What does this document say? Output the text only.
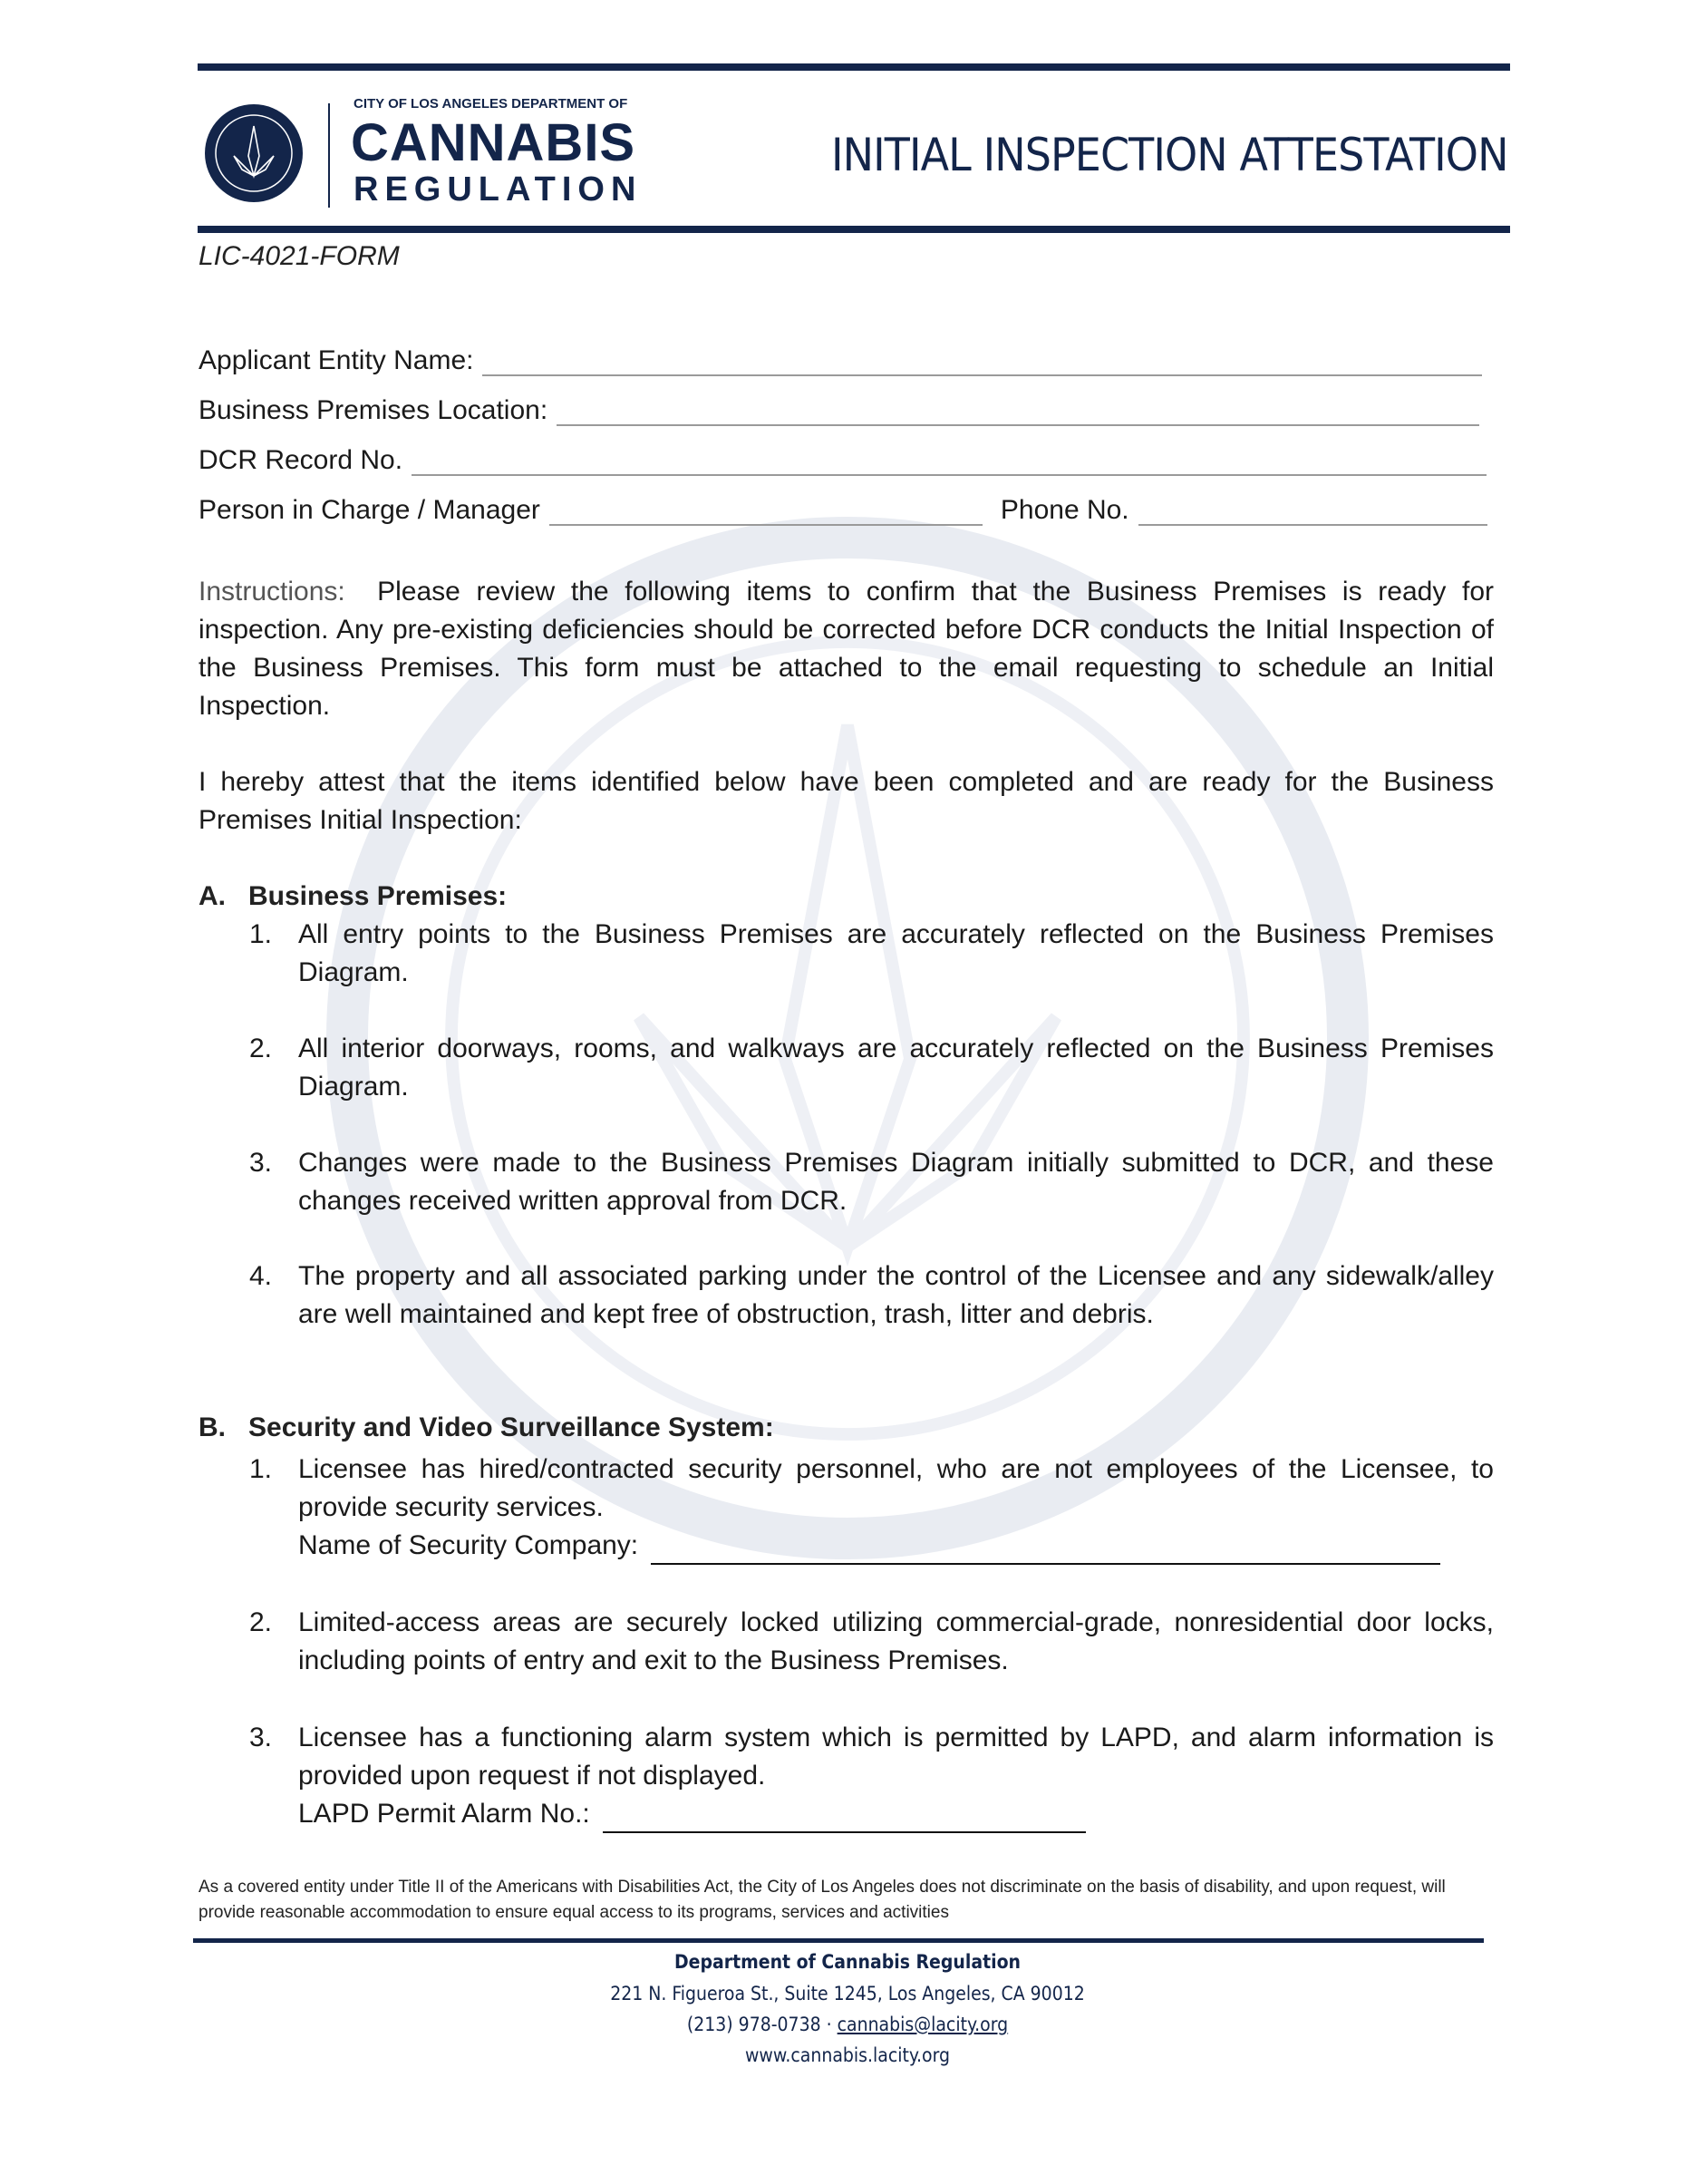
CITY OF LOS ANGELES DEPARTMENT OF
CANNABIS
REGULATION
INITIAL INSPECTION ATTESTATION
LIC-4021-FORM
Applicant Entity Name:
Business Premises Location:
DCR Record No.
Person in Charge / Manager	Phone No.
Instructions: Please review the following items to confirm that the Business Premises is ready for inspection. Any pre-existing deficiencies should be corrected before DCR conducts the Initial Inspection of the Business Premises. This form must be attached to the email requesting to schedule an Initial Inspection.
I hereby attest that the items identified below have been completed and are ready for the Business Premises Initial Inspection:
A. Business Premises:
1. All entry points to the Business Premises are accurately reflected on the Business Premises Diagram.
2. All interior doorways, rooms, and walkways are accurately reflected on the Business Premises Diagram.
3. Changes were made to the Business Premises Diagram initially submitted to DCR, and these changes received written approval from DCR.
4. The property and all associated parking under the control of the Licensee and any sidewalk/alley are well maintained and kept free of obstruction, trash, litter and debris.
B. Security and Video Surveillance System:
1. Licensee has hired/contracted security personnel, who are not employees of the Licensee, to provide security services.
Name of Security Company:
2. Limited-access areas are securely locked utilizing commercial-grade, nonresidential door locks, including points of entry and exit to the Business Premises.
3. Licensee has a functioning alarm system which is permitted by LAPD, and alarm information is provided upon request if not displayed.
LAPD Permit Alarm No.:
As a covered entity under Title II of the Americans with Disabilities Act, the City of Los Angeles does not discriminate on the basis of disability, and upon request, will provide reasonable accommodation to ensure equal access to its programs, services and activities
Department of Cannabis Regulation
221 N. Figueroa St., Suite 1245, Los Angeles, CA 90012
(213) 978-0738 · cannabis@lacity.org
www.cannabis.lacity.org
